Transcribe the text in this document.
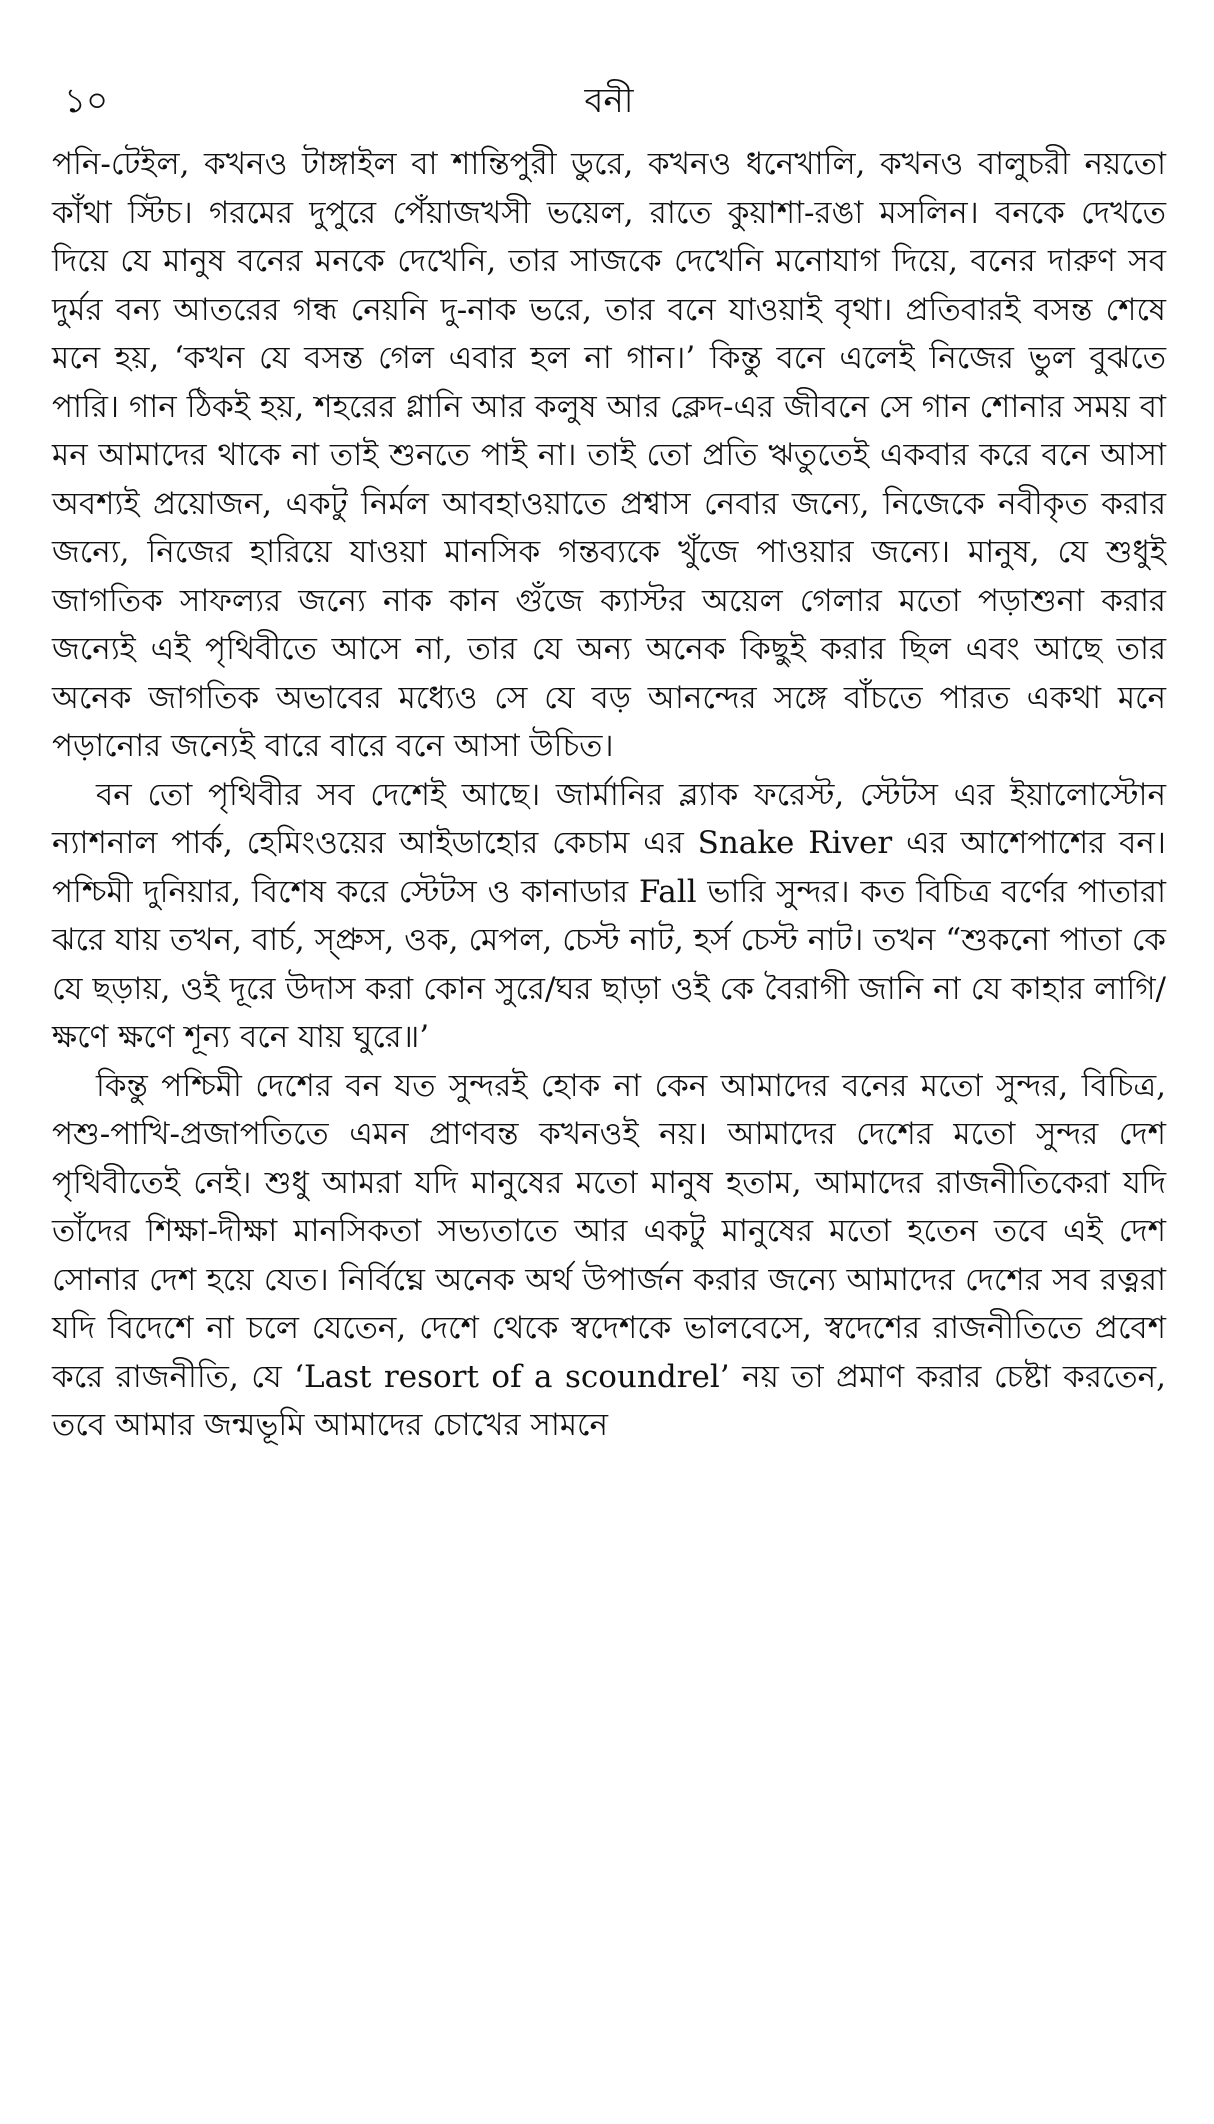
১০	বনী

পনি-টেইল, কখনও টাঙ্গাইল বা শান্তিপুরী ডুরে, কখনও ধনেখালি, কখনও বালুচরী নয়তো কাঁথা স্টিচ। গরমের দুপুরে পেঁয়াজখসী ভয়েল, রাতে কুয়াশা-রঙা মসলিন। বনকে দেখতে দিয়ে যে মানুষ বনের মনকে দেখেনি, তার সাজকে দেখেনি মনোযাগ দিয়ে, বনের দারুণ সব দুর্মর বন্য আতরের গন্ধ নেয়নি দু-নাক ভরে, তার বনে যাওয়াই বৃথা। প্রতিবারই বসন্ত শেষে মনে হয়, ‘কখন যে বসন্ত গেল এবার হল না গান।’ কিন্তু বনে এলেই নিজের ভুল বুঝতে পারি। গান ঠিকই হয়, শহরের গ্লানি আর কলুষ আর ক্লেদ-এর জীবনে সে গান শোনার সময় বা মন আমাদের থাকে না তাই শুনতে পাই না। তাই তো প্রতি ঋতুতেই একবার করে বনে আসা অবশ্যই প্রয়োজন, একটু নির্মল আবহাওয়াতে প্রশ্বাস নেবার জন্যে, নিজেকে নবীকৃত করার জন্যে, নিজের হারিয়ে যাওয়া মানসিক গন্তব্যকে খুঁজে পাওয়ার জন্যে। মানুষ, যে শুধুই জাগতিক সাফল্যর জন্যে নাক কান গুঁজে ক্যাস্টর অয়েল গেলার মতো পড়াশুনা করার জন্যেই এই পৃথিবীতে আসে না, তার যে অন্য অনেক কিছুই করার ছিল এবং আছে তার অনেক জাগতিক অভাবের মধ্যেও সে যে বড় আনন্দের সঙ্গে বাঁচতে পারত একথা মনে পড়ানোর জন্যেই বারে বারে বনে আসা উচিত।

বন তো পৃথিবীর সব দেশেই আছে। জার্মানির ব্ল্যাক ফরেস্ট, স্টেটস এর ইয়ালোস্টোন ন্যাশনাল পার্ক, হেমিংওয়ের আইডাহোর কেচাম এর Snake River এর আশেপাশের বন। পশ্চিমী দুনিয়ার, বিশেষ করে স্টেটস ও কানাডার Fall ভারি সুন্দর। কত বিচিত্র বর্ণের পাতারা ঝরে যায় তখন, বার্চ, স্প্রুস, ওক, মেপল, চেস্ট নাট, হর্স চেস্ট নাট। তখন “শুকনো পাতা কে যে ছড়ায়, ওই দূরে উদাস করা কোন সুরে/ঘর ছাড়া ওই কে বৈরাগী জানি না যে কাহার লাগি/ক্ষণে ক্ষণে শূন্য বনে যায় ঘুরে॥’

কিন্তু পশ্চিমী দেশের বন যত সুন্দরই হোক না কেন আমাদের বনের মতো সুন্দর, বিচিত্র, পশু-পাখি-প্রজাপতিতে এমন প্রাণবন্ত কখনওই নয়। আমাদের দেশের মতো সুন্দর দেশ পৃথিবীতেই নেই। শুধু আমরা যদি মানুষের মতো মানুষ হতাম, আমাদের রাজনীতিকেরা যদি তাঁদের শিক্ষা-দীক্ষা মানসিকতা সভ্যতাতে আর একটু মানুষের মতো হতেন তবে এই দেশ সোনার দেশ হয়ে যেত। নির্বিঘ্নে অনেক অর্থ উপার্জন করার জন্যে আমাদের দেশের সব রত্নরা যদি বিদেশে না চলে যেতেন, দেশে থেকে স্বদেশকে ভালবেসে, স্বদেশের রাজনীতিতে প্রবেশ করে রাজনীতি, যে ‘Last resort of a scoundrel’ নয় তা প্রমাণ করার চেষ্টা করতেন, তবে আমার জন্মভূমি আমাদের চোখের সামনে
